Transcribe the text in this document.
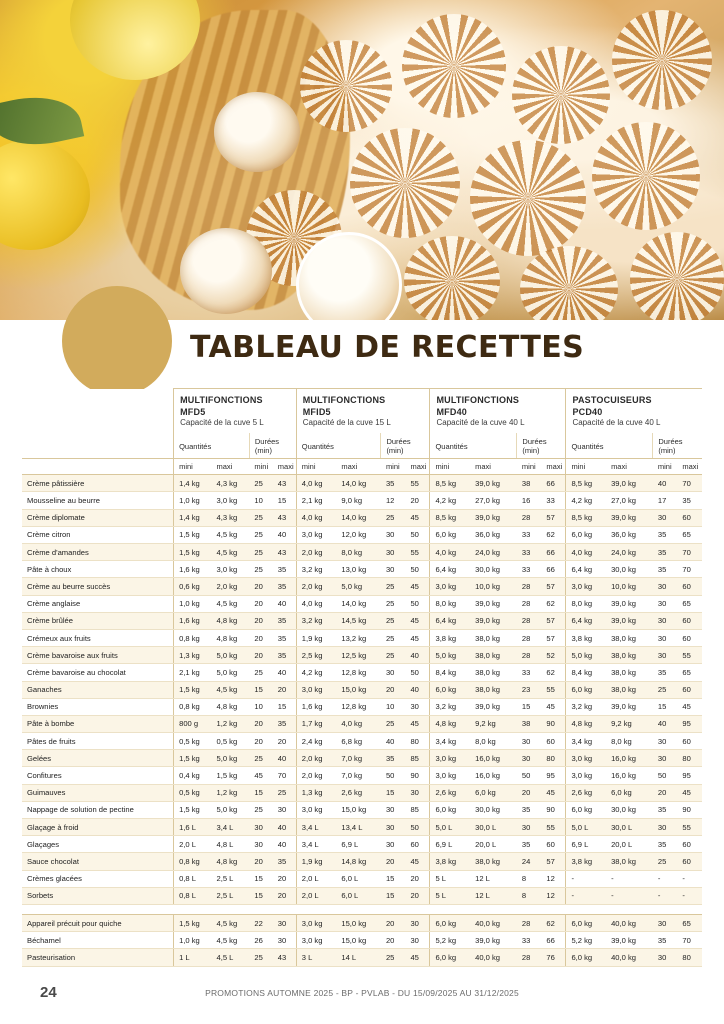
TABLEAU DE RECETTES

MULTIFONCTIONS
MFD5
Capacité de la cuve 5 L

MULTIFONCTIONS
MFID5
Capacité de la cuve 15 L

MULTIFONCTIONS
MFD40
Capacité de la cuve 40 L

PASTOCUISEURS
PCD40
Capacité de la cuve 40 L

	Quantités		Durées (min)		Quantités		Durées (min)		Quantités		Durées (min)		Quantités		Durées (min)	
	mini	maxi	mini	maxi	mini	maxi	mini	maxi	mini	maxi	mini	maxi	mini	maxi	mini	maxi
Crème pâtissière	1,4 kg	4,3 kg	25	43	4,0 kg	14,0 kg	35	55	8,5 kg	39,0 kg	38	66	8,5 kg	39,0 kg	40	70
Mousseline au beurre	1,0 kg	3,0 kg	10	15	2,1 kg	9,0 kg	12	20	4,2 kg	27,0 kg	16	33	4,2 kg	27,0 kg	17	35
Crème diplomate	1,4 kg	4,3 kg	25	43	4,0 kg	14,0 kg	25	45	8,5 kg	39,0 kg	28	57	8,5 kg	39,0 kg	30	60
Crème citron	1,5 kg	4,5 kg	25	40	3,0 kg	12,0 kg	30	50	6,0 kg	36,0 kg	33	62	6,0 kg	36,0 kg	35	65
Crème d'amandes	1,5 kg	4,5 kg	25	43	2,0 kg	8,0 kg	30	55	4,0 kg	24,0 kg	33	66	4,0 kg	24,0 kg	35	70
Pâte à choux	1,6 kg	3,0 kg	25	35	3,2 kg	13,0 kg	30	50	6,4 kg	30,0 kg	33	66	6,4 kg	30,0 kg	35	70
Crème au beurre succès	0,6 kg	2,0 kg	20	35	2,0 kg	5,0 kg	25	45	3,0 kg	10,0 kg	28	57	3,0 kg	10,0 kg	30	60
Crème anglaise	1,0 kg	4,5 kg	20	40	4,0 kg	14,0 kg	25	50	8,0 kg	39,0 kg	28	62	8,0 kg	39,0 kg	30	65
Crème brûlée	1,6 kg	4,8 kg	20	35	3,2 kg	14,5 kg	25	45	6,4 kg	39,0 kg	28	57	6,4 kg	39,0 kg	30	60
Crémeux aux fruits	0,8 kg	4,8 kg	20	35	1,9 kg	13,2 kg	25	45	3,8 kg	38,0 kg	28	57	3,8 kg	38,0 kg	30	60
Crème bavaroise aux fruits	1,3 kg	5,0 kg	20	35	2,5 kg	12,5 kg	25	40	5,0 kg	38,0 kg	28	52	5,0 kg	38,0 kg	30	55
Crème bavaroise au chocolat	2,1 kg	5,0 kg	25	40	4,2 kg	12,8 kg	30	50	8,4 kg	38,0 kg	33	62	8,4 kg	38,0 kg	35	65
Ganaches	1,5 kg	4,5 kg	15	20	3,0 kg	15,0 kg	20	40	6,0 kg	38,0 kg	23	55	6,0 kg	38,0 kg	25	60
Brownies	0,8 kg	4,8 kg	10	15	1,6 kg	12,8 kg	10	30	3,2 kg	39,0 kg	15	45	3,2 kg	39,0 kg	15	45
Pâte à bombe	800 g	1,2 kg	20	35	1,7 kg	4,0 kg	25	45	4,8 kg	9,2 kg	38	90	4,8 kg	9,2 kg	40	95
Pâtes de fruits	0,5 kg	0,5 kg	20	20	2,4 kg	6,8 kg	40	80	3,4 kg	8,0 kg	30	60	3,4 kg	8,0 kg	30	60
Gelées	1,5 kg	5,0 kg	25	40	2,0 kg	7,0 kg	35	85	3,0 kg	16,0 kg	30	80	3,0 kg	16,0 kg	30	80
Confitures	0,4 kg	1,5 kg	45	70	2,0 kg	7,0 kg	50	90	3,0 kg	16,0 kg	50	95	3,0 kg	16,0 kg	50	95
Guimauves	0,5 kg	1,2 kg	15	25	1,3 kg	2,6 kg	15	30	2,6 kg	6,0 kg	20	45	2,6 kg	6,0 kg	20	45
Nappage de solution de pectine	1,5 kg	5,0 kg	25	30	3,0 kg	15,0 kg	30	85	6,0 kg	30,0 kg	35	90	6,0 kg	30,0 kg	35	90
Glaçage à froid	1,6 L	3,4 L	30	40	3,4 L	13,4 L	30	50	5,0 L	30,0 L	30	55	5,0 L	30,0 L	30	55
Glaçages	2,0 L	4,8 L	30	40	3,4 L	6,9 L	30	60	6,9 L	20,0 L	35	60	6,9 L	20,0 L	35	60
Sauce chocolat	0,8 kg	4,8 kg	20	35	1,9 kg	14,8 kg	20	45	3,8 kg	38,0 kg	24	57	3,8 kg	38,0 kg	25	60
Crèmes glacées	0,8 L	2,5 L	15	20	2,0 L	6,0 L	15	20	5 L	12 L	8	12	-	-	-	-
Sorbets	0,8 L	2,5 L	15	20	2,0 L	6,0 L	15	20	5 L	12 L	8	12	-	-	-	-

Appareil précuit pour quiche	1,5 kg	4,5 kg	22	30	3,0 kg	15,0 kg	20	30	6,0 kg	40,0 kg	28	62	6,0 kg	40,0 kg	30	65
Béchamel	1,0 kg	4,5 kg	26	30	3,0 kg	15,0 kg	20	30	5,2 kg	39,0 kg	33	66	5,2 kg	39,0 kg	35	70
Pasteurisation	1 L	4,5 L	25	43	3 L	14 L	25	45	6,0 kg	40,0 kg	28	76	6,0 kg	40,0 kg	30	80
24	PROMOTIONS AUTOMNE 2025 - BP - PVLAB - DU 15/09/2025 AU 31/12/2025
